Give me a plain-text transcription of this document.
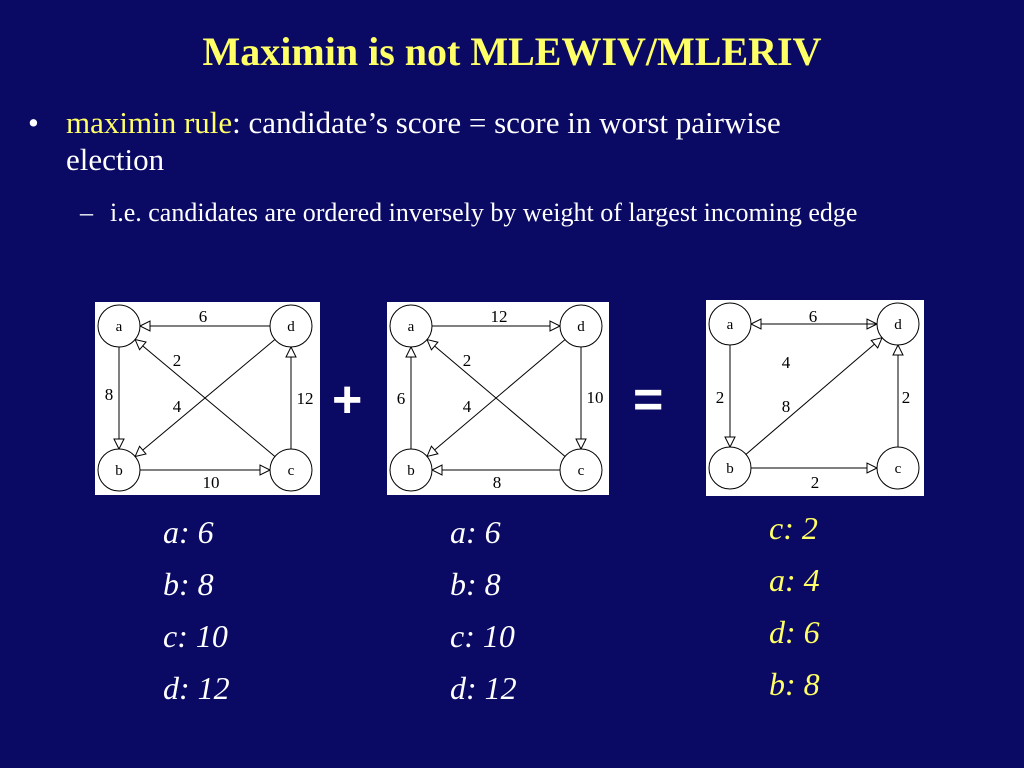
Maximin is not MLEWIV/MLERIV
• maximin rule: candidate’s score = score in worst pairwise election
– i.e. candidates are ordered inversely by weight of largest incoming edge
6
8
10
12
2
4
a
b	c
d
+
12
6
8
10
2
4
a
b	c
d
=
6
2
2
2
4
8
a
b	c
d
a: 6
b: 8
c: 10
d: 12
a: 6
b: 8
c: 10
d: 12
c: 2
a: 4
d: 6
b: 8
